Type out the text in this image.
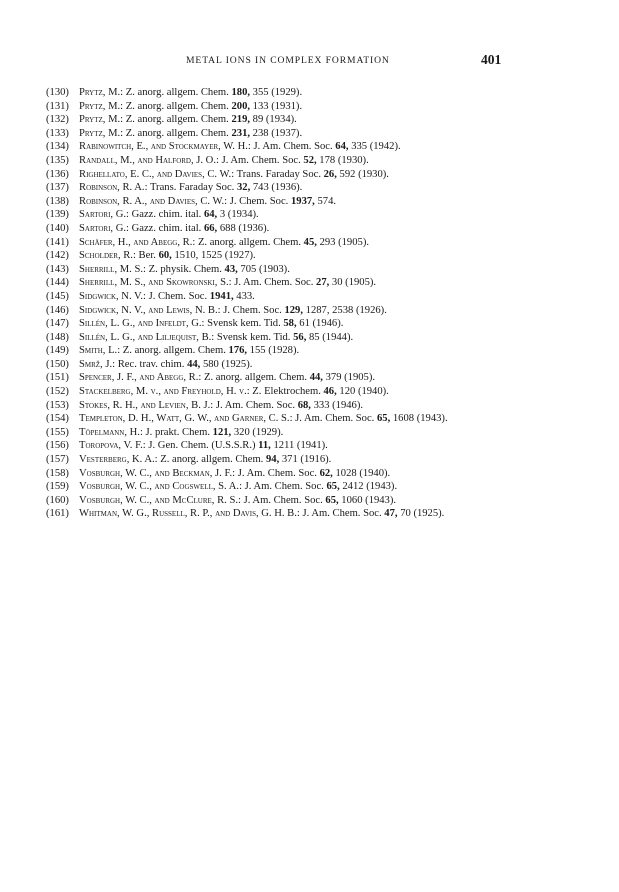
METAL IONS IN COMPLEX FORMATION	401
(130) Prytz, M.: Z. anorg. allgem. Chem. 180, 355 (1929).
(131) Prytz, M.: Z. anorg. allgem. Chem. 200, 133 (1931).
(132) Prytz, M.: Z. anorg. allgem. Chem. 219, 89 (1934).
(133) Prytz, M.: Z. anorg. allgem. Chem. 231, 238 (1937).
(134) Rabinowitch, E., and Stockmayer, W. H.: J. Am. Chem. Soc. 64, 335 (1942).
(135) Randall, M., and Halford, J. O.: J. Am. Chem. Soc. 52, 178 (1930).
(136) Righellato, E. C., and Davies, C. W.: Trans. Faraday Soc. 26, 592 (1930).
(137) Robinson, R. A.: Trans. Faraday Soc. 32, 743 (1936).
(138) Robinson, R. A., and Davies, C. W.: J. Chem. Soc. 1937, 574.
(139) Sartori, G.: Gazz. chim. ital. 64, 3 (1934).
(140) Sartori, G.: Gazz. chim. ital. 66, 688 (1936).
(141) Schäfer, H., and Abegg, R.: Z. anorg. allgem. Chem. 45, 293 (1905).
(142) Scholder, R.: Ber. 60, 1510, 1525 (1927).
(143) Sherrill, M. S.: Z. physik. Chem. 43, 705 (1903).
(144) Sherrill, M. S., and Skowronski, S.: J. Am. Chem. Soc. 27, 30 (1905).
(145) Sidgwick, N. V.: J. Chem. Soc. 1941, 433.
(146) Sidgwick, N. V., and Lewis, N. B.: J. Chem. Soc. 129, 1287, 2538 (1926).
(147) Sillén, L. G., and Infeldt, G.: Svensk kem. Tid. 58, 61 (1946).
(148) Sillén, L. G., and Liljequist, B.: Svensk kem. Tid. 56, 85 (1944).
(149) Smith, L.: Z. anorg. allgem. Chem. 176, 155 (1928).
(150) Smrž, J.: Rec. trav. chim. 44, 580 (1925).
(151) Spencer, J. F., and Abegg, R.: Z. anorg. allgem. Chem. 44, 379 (1905).
(152) Stackelberg, M. v., and Freyhold, H. v.: Z. Elektrochem. 46, 120 (1940).
(153) Stokes, R. H., and Levien, B. J.: J. Am. Chem. Soc. 68, 333 (1946).
(154) Templeton, D. H., Watt, G. W., and Garner, C. S.: J. Am. Chem. Soc. 65, 1608 (1943).
(155) Töpelmann, H.: J. prakt. Chem. 121, 320 (1929).
(156) Toropova, V. F.: J. Gen. Chem. (U.S.S.R.) 11, 1211 (1941).
(157) Vesterberg, K. A.: Z. anorg. allgem. Chem. 94, 371 (1916).
(158) Vosburgh, W. C., and Beckman, J. F.: J. Am. Chem. Soc. 62, 1028 (1940).
(159) Vosburgh, W. C., and Cogswell, S. A.: J. Am. Chem. Soc. 65, 2412 (1943).
(160) Vosburgh, W. C., and McClure, R. S.: J. Am. Chem. Soc. 65, 1060 (1943).
(161) Whitman, W. G., Russell, R. P., and Davis, G. H. B.: J. Am. Chem. Soc. 47, 70 (1925).
